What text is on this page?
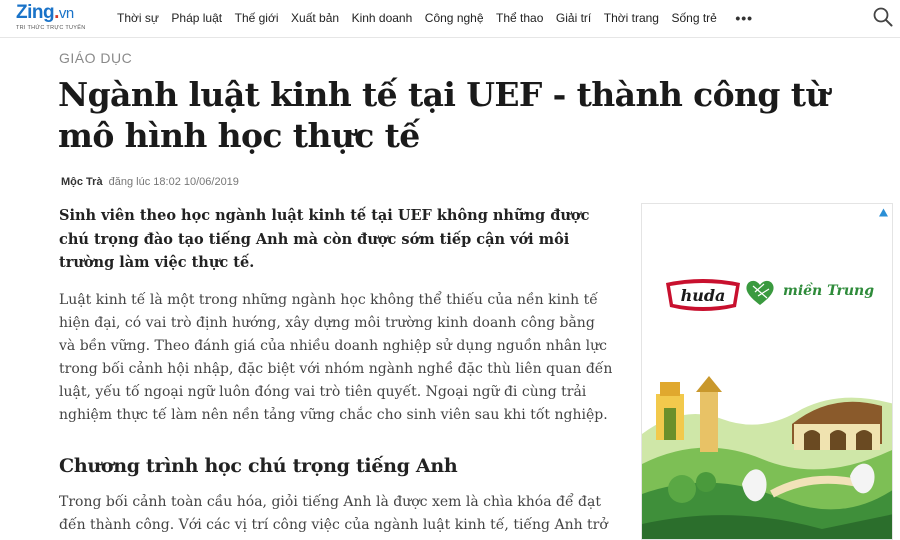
Zing.vn
TRI THỨC TRỰC TUYẾN
Thời sự Pháp luật Thế giới Xuất bản Kinh doanh Công nghệ Thể thao Giải trí Thời trang Sống trẻ •••
GIÁO DỤC
Ngành luật kinh tế tại UEF - thành công từ mô hình học thực tế
Mộc Trà đăng lúc 18:02 10/06/2019

Sinh viên theo học ngành luật kinh tế tại UEF không những được chú trọng đào tạo tiếng Anh mà còn được sớm tiếp cận với môi trường làm việc thực tế.

Luật kinh tế là một trong những ngành học không thể thiếu của nền kinh tế hiện đại, có vai trò định hướng, xây dựng môi trường kinh doanh công bằng và bền vững. Theo đánh giá của nhiều doanh nghiệp sử dụng nguồn nhân lực trong bối cảnh hội nhập, đặc biệt với nhóm ngành nghề đặc thù liên quan đến luật, yếu tố ngoại ngữ luôn đóng vai trò tiên quyết. Ngoại ngữ đi cùng trải nghiệm thực tế làm nên nền tảng vững chắc cho sinh viên sau khi tốt nghiệp.

Chương trình học chú trọng tiếng Anh

Trong bối cảnh toàn cầu hóa, giỏi tiếng Anh là được xem là chìa khóa để đạt đến thành công. Với các vị trí công việc của ngành luật kinh tế, tiếng Anh trở

huda	miền Trung
